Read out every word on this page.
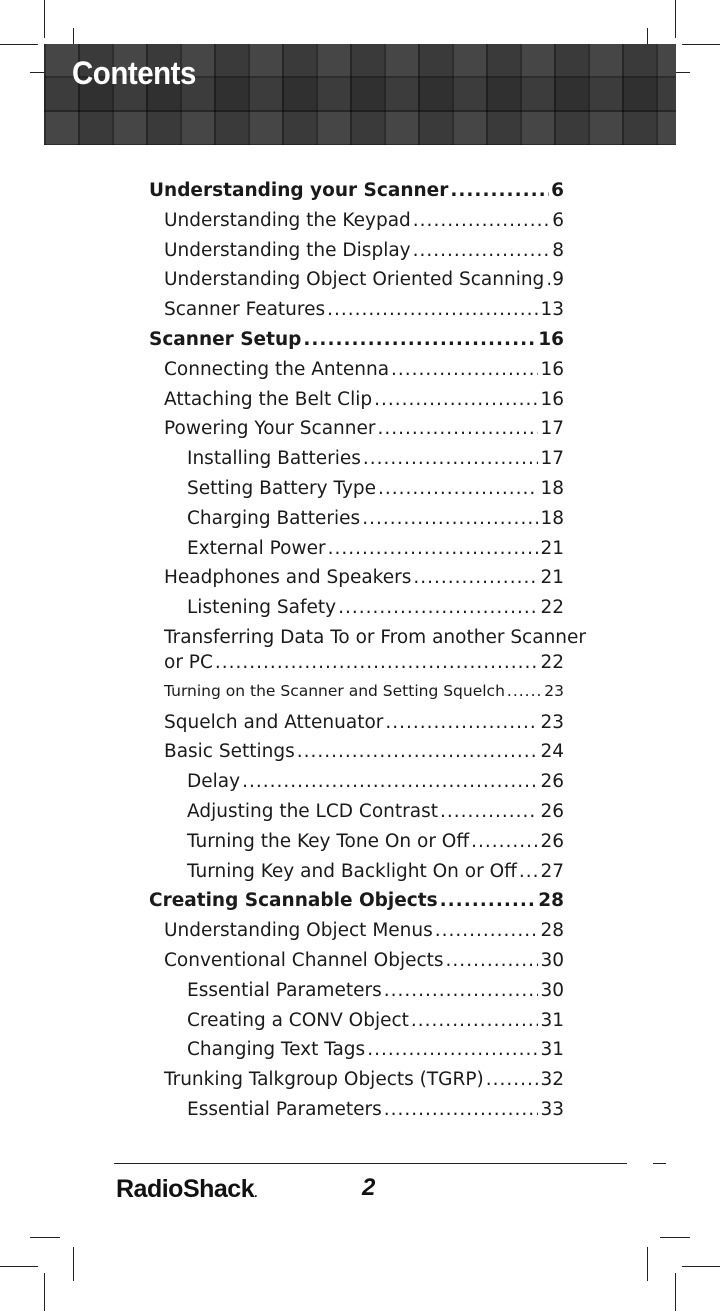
Contents
Understanding your Scanner .....	6
Understanding the Keypad .....	6
Understanding the Display .....	8
Understanding Object Oriented Scanning ..... 9
Scanner Features .....	13
Scanner Setup .....	16
Connecting the Antenna .....	16
Attaching the Belt Clip .....	16
Powering Your Scanner .....	17
Installing Batteries .....	17
Setting Battery Type .....	18
Charging Batteries .....	18
External Power .....	21
Headphones and Speakers .....	21
Listening Safety .....	22
Transferring Data To or From another Scanner
or PC .....	22
Turning on the Scanner and Setting Squelch .....	23
Squelch and Attenuator .....	23
Basic Settings .....	24
Delay .....	26
Adjusting the LCD Contrast .....	26
Turning the Key Tone On or Off .....	26
Turning Key and Backlight On or Off ..... 27
Creating Scannable Objects .....	28
Understanding Object Menus .....	28
Conventional Channel Objects .....	30
Essential Parameters .....	30
Creating a CONV Object .....	31
Changing Text Tags .....	31
Trunking Talkgroup Objects (TGRP) .....	32
Essential Parameters .....	33
RadioShack.	2
